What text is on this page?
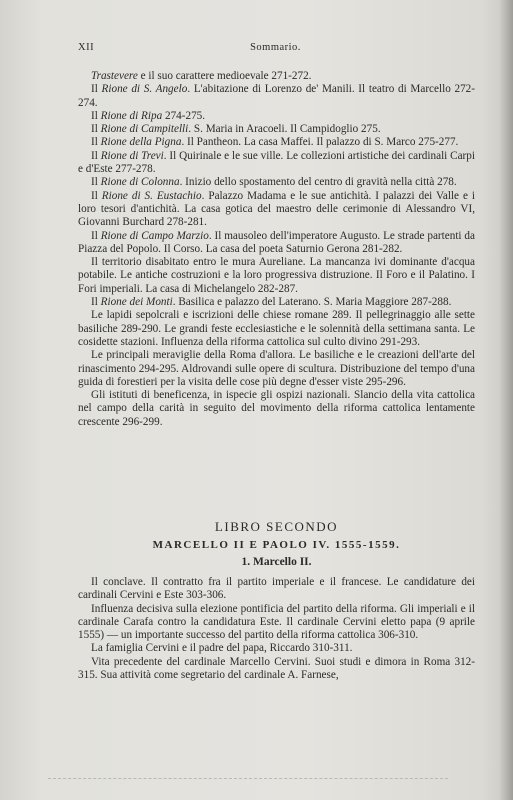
XII	Sommario.

Trastevere e il suo carattere medioevale 271-272.

Il Rione di S. Angelo. L'abitazione di Lorenzo de' Manili. Il teatro di Marcello 272-274.

Il Rione di Ripa 274-275.

Il Rione di Campitelli. S. Maria in Aracoeli. Il Campidoglio 275.

Il Rione della Pigna. Il Pantheon. La casa Maffei. Il palazzo di S. Marco 275-277.

Il Rione di Trevi. Il Quirinale e le sue ville. Le collezioni artistiche dei cardinali Carpi e d'Este 277-278.

Il Rione di Colonna. Inizio dello spostamento del centro di gravità nella città 278.

Il Rione di S. Eustachio. Palazzo Madama e le sue antichità. I palazzi dei Valle e i loro tesori d'antichità. La casa gotica del maestro delle cerimonie di Alessandro VI, Giovanni Burchard 278-281.

Il Rione di Campo Marzio. Il mausoleo dell'imperatore Augusto. Le strade partenti da Piazza del Popolo. Il Corso. La casa del poeta Saturnio Gerona 281-282.

Il territorio disabitato entro le mura Aureliane. La mancanza ivi dominante d'acqua potabile. Le antiche costruzioni e la loro progressiva distruzione. Il Foro e il Palatino. I Fori imperiali. La casa di Michelangelo 282-287.

Il Rione dei Monti. Basilica e palazzo del Laterano. S. Maria Maggiore 287-288.

Le lapidi sepolcrali e iscrizioni delle chiese romane 289. Il pellegrinaggio alle sette basiliche 289-290. Le grandi feste ecclesiastiche e le solennità della settimana santa. Le cosidette stazioni. Influenza della riforma cattolica sul culto divino 291-293.

Le principali meraviglie della Roma d'allora. Le basiliche e le creazioni dell'arte del rinascimento 294-295. Aldrovandi sulle opere di scultura. Distribuzione del tempo d'una guida di forestieri per la visita delle cose più degne d'esser viste 295-296.

Gli istituti di beneficenza, in ispecie gli ospizi nazionali. Slancio della vita cattolica nel campo della carità in seguito del movimento della riforma cattolica lentamente crescente 296-299.

LIBRO SECONDO
MARCELLO II E PAOLO IV. 1555-1559.
1. Marcello II.

Il conclave. Il contratto fra il partito imperiale e il francese. Le candidature dei cardinali Cervini e Este 303-306.

Influenza decisiva sulla elezione pontificia del partito della riforma. Gli imperiali e il cardinale Carafa contro la candidatura Este. Il cardinale Cervini eletto papa (9 aprile 1555) — un importante successo del partito della riforma cattolica 306-310.

La famiglia Cervini e il padre del papa, Riccardo 310-311.

Vita precedente del cardinale Marcello Cervini. Suoi studi e dimora in Roma 312-315. Sua attività come segretario del cardinale A. Farnese,
